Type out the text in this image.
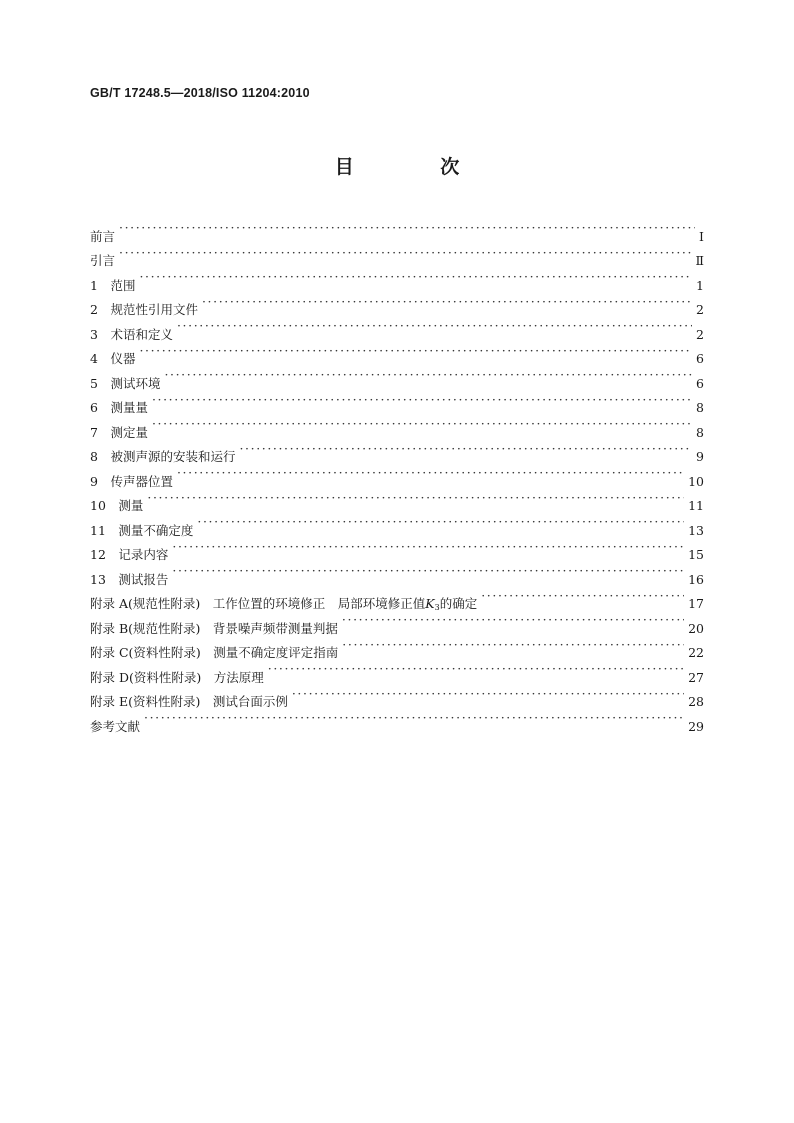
GB/T 17248.5—2018/ISO 11204:2010
目 次
前言 ·····	Ⅰ
引言 ·····	Ⅱ
1　范围 ·····	1
2　规范性引用文件 ·····	2
3　术语和定义 ·····	2
4　仪器 ·····	6
5　测试环境 ·····	6
6　测量量 ·····	8
7　测定量 ·····	8
8　被测声源的安装和运行 ·····	9
9　传声器位置 ·····	10
10　测量 ·····	11
11　测量不确定度 ·····	13
12　记录内容 ·····	15
13　测试报告 ·····	16
附录 A(规范性附录)　工作位置的环境修正　局部环境修正值K3的确定 ·····	17
附录 B(规范性附录)　背景噪声频带测量判据 ·····	20
附录 C(资料性附录)　测量不确定度评定指南 ·····	22
附录 D(资料性附录)　方法原理 ·····	27
附录 E(资料性附录)　测试台面示例 ·····	28
参考文献 ·····	29
